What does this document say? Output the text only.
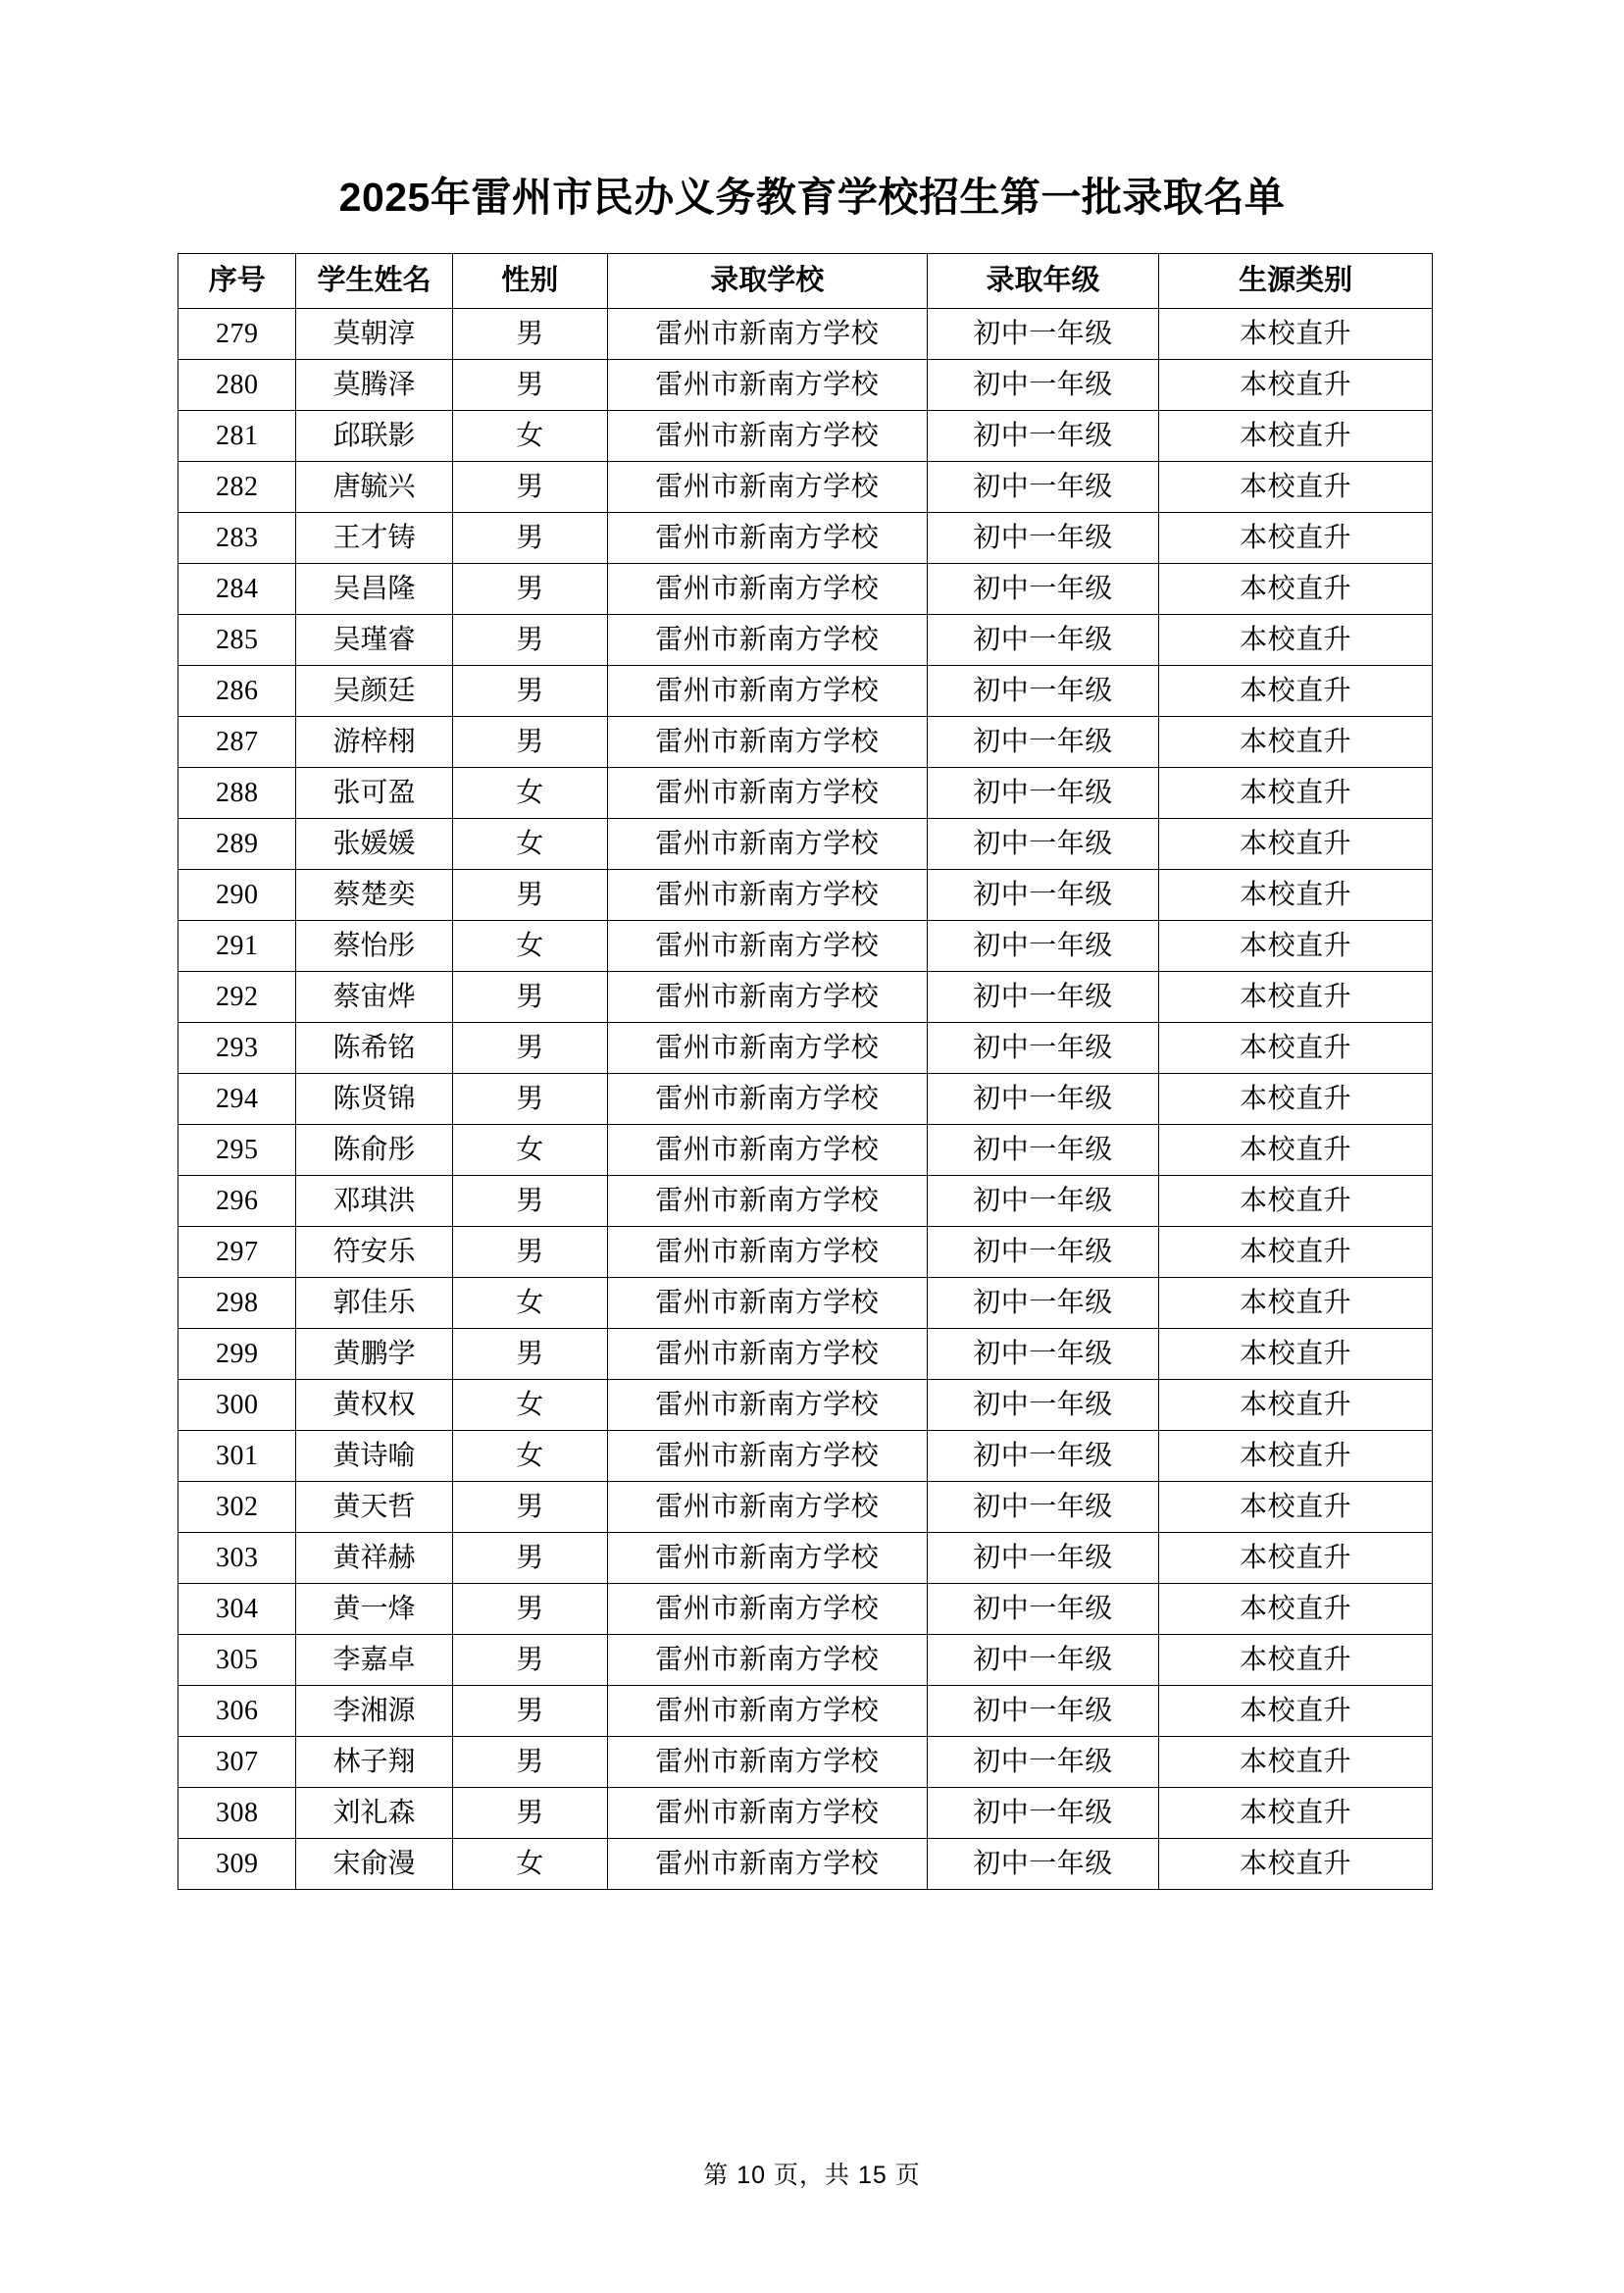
2025年雷州市民办义务教育学校招生第一批录取名单
序号	学生姓名	性别	录取学校	录取年级	生源类别
279	莫朝淳	男	雷州市新南方学校	初中一年级	本校直升
280	莫腾泽	男	雷州市新南方学校	初中一年级	本校直升
281	邱联影	女	雷州市新南方学校	初中一年级	本校直升
282	唐毓兴	男	雷州市新南方学校	初中一年级	本校直升
283	王才铸	男	雷州市新南方学校	初中一年级	本校直升
284	吴昌隆	男	雷州市新南方学校	初中一年级	本校直升
285	吴瑾睿	男	雷州市新南方学校	初中一年级	本校直升
286	吴颜廷	男	雷州市新南方学校	初中一年级	本校直升
287	游梓栩	男	雷州市新南方学校	初中一年级	本校直升
288	张可盈	女	雷州市新南方学校	初中一年级	本校直升
289	张媛媛	女	雷州市新南方学校	初中一年级	本校直升
290	蔡楚奕	男	雷州市新南方学校	初中一年级	本校直升
291	蔡怡彤	女	雷州市新南方学校	初中一年级	本校直升
292	蔡宙烨	男	雷州市新南方学校	初中一年级	本校直升
293	陈希铭	男	雷州市新南方学校	初中一年级	本校直升
294	陈贤锦	男	雷州市新南方学校	初中一年级	本校直升
295	陈俞彤	女	雷州市新南方学校	初中一年级	本校直升
296	邓琪洪	男	雷州市新南方学校	初中一年级	本校直升
297	符安乐	男	雷州市新南方学校	初中一年级	本校直升
298	郭佳乐	女	雷州市新南方学校	初中一年级	本校直升
299	黄鹏学	男	雷州市新南方学校	初中一年级	本校直升
300	黄权权	女	雷州市新南方学校	初中一年级	本校直升
301	黄诗喻	女	雷州市新南方学校	初中一年级	本校直升
302	黄天哲	男	雷州市新南方学校	初中一年级	本校直升
303	黄祥赫	男	雷州市新南方学校	初中一年级	本校直升
304	黄一烽	男	雷州市新南方学校	初中一年级	本校直升
305	李嘉卓	男	雷州市新南方学校	初中一年级	本校直升
306	李湘源	男	雷州市新南方学校	初中一年级	本校直升
307	林子翔	男	雷州市新南方学校	初中一年级	本校直升
308	刘礼森	男	雷州市新南方学校	初中一年级	本校直升
309	宋俞漫	女	雷州市新南方学校	初中一年级	本校直升
第 10 页，共 15 页
